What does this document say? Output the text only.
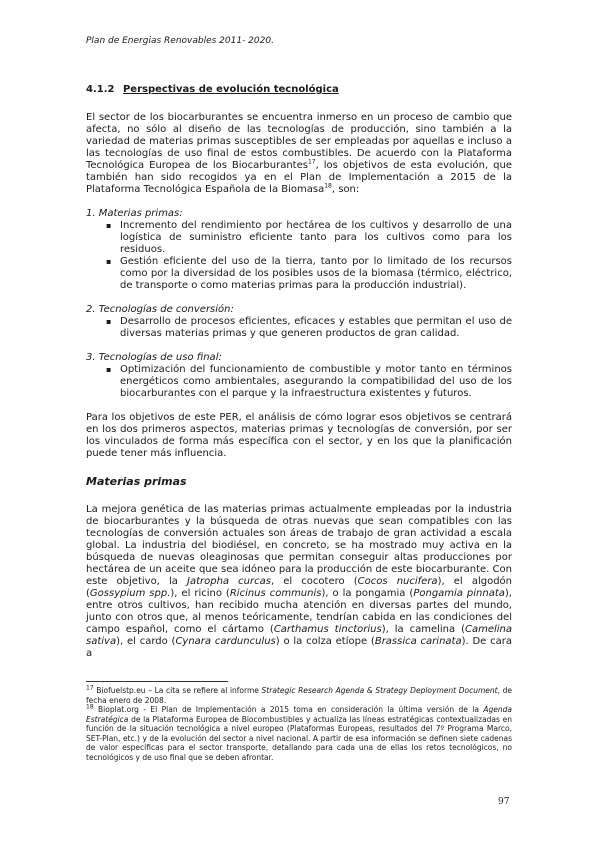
Plan de Energias Renovables 2011- 2020.
4.1.2 Perspectivas de evolución tecnológica

El sector de los biocarburantes se encuentra inmerso en un proceso de cambio que afecta, no sólo al diseño de las tecnologías de producción, sino también a la variedad de materias primas susceptibles de ser empleadas por aquellas e incluso a las tecnologías de uso final de estos combustibles. De acuerdo con la Plataforma Tecnológica Europea de los Biocarburantes$^{17}$, los objetivos de esta evolución, que también han sido recogidos ya en el Plan de Implementación a 2015 de la Plataforma Tecnológica Española de la Biomasa$^{18}$, son:

1. Materias primas:
▪ Incremento del rendimiento por hectárea de los cultivos y desarrollo de una logística de suministro eficiente tanto para los cultivos como para los residuos.
▪ Gestión eficiente del uso de la tierra, tanto por lo limitado de los recursos como por la diversidad de los posibles usos de la biomasa (térmico, eléctrico, de transporte o como materias primas para la producción industrial).
2. Tecnologías de conversión:
▪ Desarrollo de procesos eficientes, eficaces y estables que permitan el uso de diversas materias primas y que generen productos de gran calidad.
3. Tecnologías de uso final:
▪ Optimización del funcionamiento de combustible y motor tanto en términos energéticos como ambientales, asegurando la compatibilidad del uso de los biocarburantes con el parque y la infraestructura existentes y futuros.

Para los objetivos de este PER, el análisis de cómo lograr esos objetivos se centrará en los dos primeros aspectos, materias primas y tecnologías de conversión, por ser los vinculados de forma más específica con el sector, y en los que la planificación puede tener más influencia.

Materias primas

La mejora genética de las materias primas actualmente empleadas por la industria de biocarburantes y la búsqueda de otras nuevas que sean compatibles con las tecnologías de conversión actuales son áreas de trabajo de gran actividad a escala global. La industria del biodiésel, en concreto, se ha mostrado muy activa en la búsqueda de nuevas oleaginosas que permitan conseguir altas producciones por hectárea de un aceite que sea idóneo para la producción de este biocarburante. Con este objetivo, la Jatropha curcas, el cocotero (Cocos nucifera), el algodón (Gossypium spp.), el ricino (Ricinus communis), o la pongamia (Pongamia pinnata), entre otros cultivos, han recibido mucha atención en diversas partes del mundo, junto con otros que, al menos teóricamente, tendrían cabida en las condiciones del campo español, como el cártamo (Carthamus tinctorius), la camelina (Camelina sativa), el cardo (Cynara cardunculus) o la colza etíope (Brassica carinata). De cara a

$^{17}$ Biofuelstp.eu – La cita se refiere al informe Strategic Research Agenda & Strategy Deployment Document, de fecha enero de 2008.

$^{18}$ Bioplat.org - El Plan de Implementación a 2015 toma en consideración la última versión de la Agenda Estratégica de la Plataforma Europea de Biocombustibles y actualiza las líneas estratégicas contextualizadas en función de la situación tecnológica a nivel europeo (Plataformas Europeas, resultados del 7º Programa Marco, SET-Plan, etc.) y de la evolución del sector a nivel nacional. A partir de esa información se definen siete cadenas de valor específicas para el sector transporte, detallando para cada una de ellas los retos tecnológicos, no tecnológicos y de uso final que se deben afrontar.

97
